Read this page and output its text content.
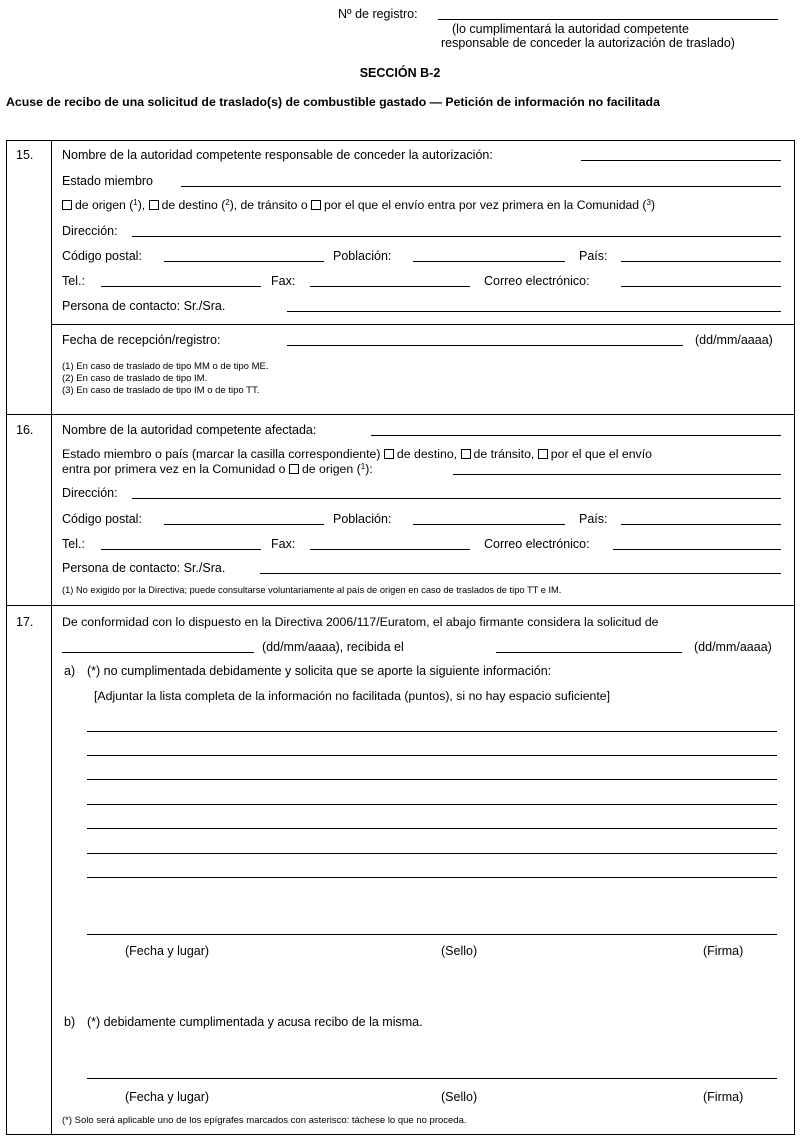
Nº de registro:
(lo cumplimentará la autoridad competente
responsable de conceder la autorización de traslado)
SECCIÓN B-2
Acuse de recibo de una solicitud de traslado(s) de combustible gastado — Petición de información no facilitada
15. Nombre de la autoridad competente responsable de conceder la autorización:
Estado miembro
de origen ($^1$), de destino ($^2$), de tránsito o por el que el envío entra por vez primera en la Comunidad ($^3$)
Dirección:
Código postal:	Población:	País:
Tel.:	Fax:	Correo electrónico:
Persona de contacto: Sr./Sra.
Fecha de recepción/registro:	(dd/mm/aaaa)
(1) En caso de traslado de tipo MM o de tipo ME.
(2) En caso de traslado de tipo IM.
(3) En caso de traslado de tipo IM o de tipo TT.
16. Nombre de la autoridad competente afectada:
Estado miembro o país (marcar la casilla correspondiente) de destino, de tránsito, por el que el envío
entra por primera vez en la Comunidad o de origen ($^1$):
Dirección:
Código postal:	Población:	País:
Tel.:	Fax:	Correo electrónico:
Persona de contacto: Sr./Sra.
(1) No exigido por la Directiva; puede consultarse voluntariamente al país de origen en caso de traslados de tipo TT e IM.
17. De conformidad con lo dispuesto en la Directiva 2006/117/Euratom, el abajo firmante considera la solicitud de
(dd/mm/aaaa), recibida el	(dd/mm/aaaa)
a) (*) no cumplimentada debidamente y solicita que se aporte la siguiente información:
[Adjuntar la lista completa de la información no facilitada (puntos), si no hay espacio suficiente]
(Fecha y lugar)	(Sello)	(Firma)
b) (*) debidamente cumplimentada y acusa recibo de la misma.
(Fecha y lugar)	(Sello)	(Firma)
(*) Solo será aplicable uno de los epígrafes marcados con asterisco: táchese lo que no proceda.
